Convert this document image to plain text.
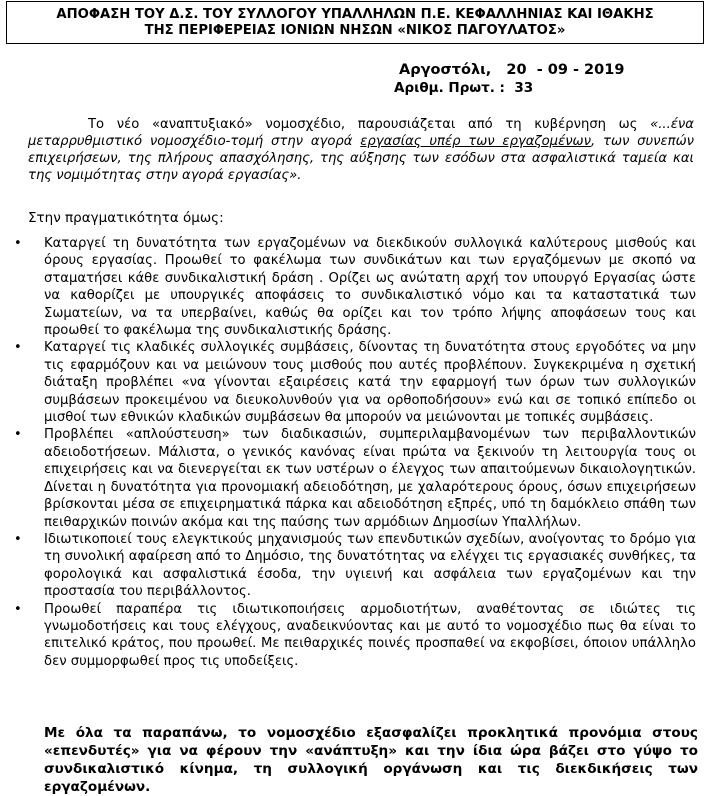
ΑΠΟΦΑΣΗ ΤΟΥ Δ.Σ. ΤΟΥ ΣΥΛΛΟΓΟΥ ΥΠΑΛΛΗΛΩΝ Π.Ε. ΚΕΦΑΛΛΗΝΙΑΣ ΚΑΙ ΙΘΑΚΗΣ
ΤΗΣ ΠΕΡΙΦΕΡΕΙΑΣ ΙΟΝΙΩΝ ΝΗΣΩΝ «ΝΙΚΟΣ ΠΑΓΟΥΛΑΤΟΣ»
Αργοστόλι,   20  - 09 - 2019
Αριθμ. Πρωτ. :  33
Το νέο «αναπτυξιακό» νομοσχέδιο, παρουσιάζεται από τη κυβέρνηση ως «...ένα μεταρρυθμιστικό νομοσχέδιο-τομή στην αγορά εργασίας υπέρ των εργαζομένων, των συνεπών επιχειρήσεων, της πλήρους απασχόλησης, της αύξησης των εσόδων στα ασφαλιστικά ταμεία και της νομιμότητας στην αγορά εργασίας».
Στην πραγματικότητα όμως:

• Καταργεί τη δυνατότητα των εργαζομένων να διεκδικούν συλλογικά καλύτερους μισθούς και όρους εργασίας. Προωθεί το φακέλωμα των συνδικάτων και των εργαζόμενων με σκοπό να σταματήσει κάθε συνδικαλιστική δράση . Ορίζει ως ανώτατη αρχή τον υπουργό Εργασίας ώστε να καθορίζει με υπουργικές αποφάσεις το συνδικαλιστικό νόμο και τα καταστατικά των Σωματείων, να τα υπερβαίνει, καθώς θα ορίζει και τον τρόπο λήψης αποφάσεων τους και προωθεί το φακέλωμα της συνδικαλιστικής δράσης.

• Καταργεί τις κλαδικές συλλογικές συμβάσεις, δίνοντας τη δυνατότητα στους εργοδότες να μην τις εφαρμόζουν και να μειώνουν τους μισθούς που αυτές προβλέπουν. Συγκεκριμένα η σχετική διάταξη προβλέπει «να γίνονται εξαιρέσεις κατά την εφαρμογή των όρων των συλλογικών συμβάσεων προκειμένου να διευκολυνθούν για να ορθοποδήσουν» ενώ και σε τοπικό επίπεδο οι μισθοί των εθνικών κλαδικών συμβάσεων θα μπορούν να μειώνονται με τοπικές συμβάσεις.

• Προβλέπει «απλούστευση» των διαδικασιών, συμπεριλαμβανομένων των περιβαλλοντικών αδειοδοτήσεων. Μάλιστα, ο γενικός κανόνας είναι πρώτα να ξεκινούν τη λειτουργία τους οι επιχειρήσεις και να διενεργείται εκ των υστέρων ο έλεγχος των απαιτούμενων δικαιολογητικών. Δίνεται η δυνατότητα για προνομιακή αδειοδότηση, με χαλαρότερους όρους, όσων επιχειρήσεων βρίσκονται μέσα σε επιχειρηματικά πάρκα και αδειοδότηση εξπρές, υπό τη δαμόκλειο σπάθη των πειθαρχικών ποινών ακόμα και της παύσης των αρμόδιων Δημοσίων Υπαλλήλων.

• Ιδιωτικοποιεί τους ελεγκτικούς μηχανισμούς των επενδυτικών σχεδίων, ανοίγοντας το δρόμο για τη συνολική αφαίρεση από το Δημόσιο, της δυνατότητας να ελέγχει τις εργασιακές συνθήκες, τα φορολογικά και ασφαλιστικά έσοδα, την υγιεινή και ασφάλεια των εργαζομένων και την προστασία του περιβάλλοντος.

• Προωθεί παραπέρα τις ιδιωτικοποιήσεις αρμοδιοτήτων, αναθέτοντας σε ιδιώτες τις γνωμοδοτήσεις και τους ελέγχους, αναδεικνύοντας και με αυτό το νομοσχέδιο πως θα είναι το επιτελικό κράτος, που προωθεί. Με πειθαρχικές ποινές προσπαθεί να εκφοβίσει, όποιον υπάλληλο δεν συμμορφωθεί προς τις υποδείξεις.

Με όλα τα παραπάνω, το νομοσχέδιο εξασφαλίζει προκλητικά προνόμια στους «επενδυτές» για να φέρουν την «ανάπτυξη» και την ίδια ώρα βάζει στο γύψο το συνδικαλιστικό κίνημα, τη συλλογική οργάνωση και τις διεκδικήσεις των εργαζομένων.
